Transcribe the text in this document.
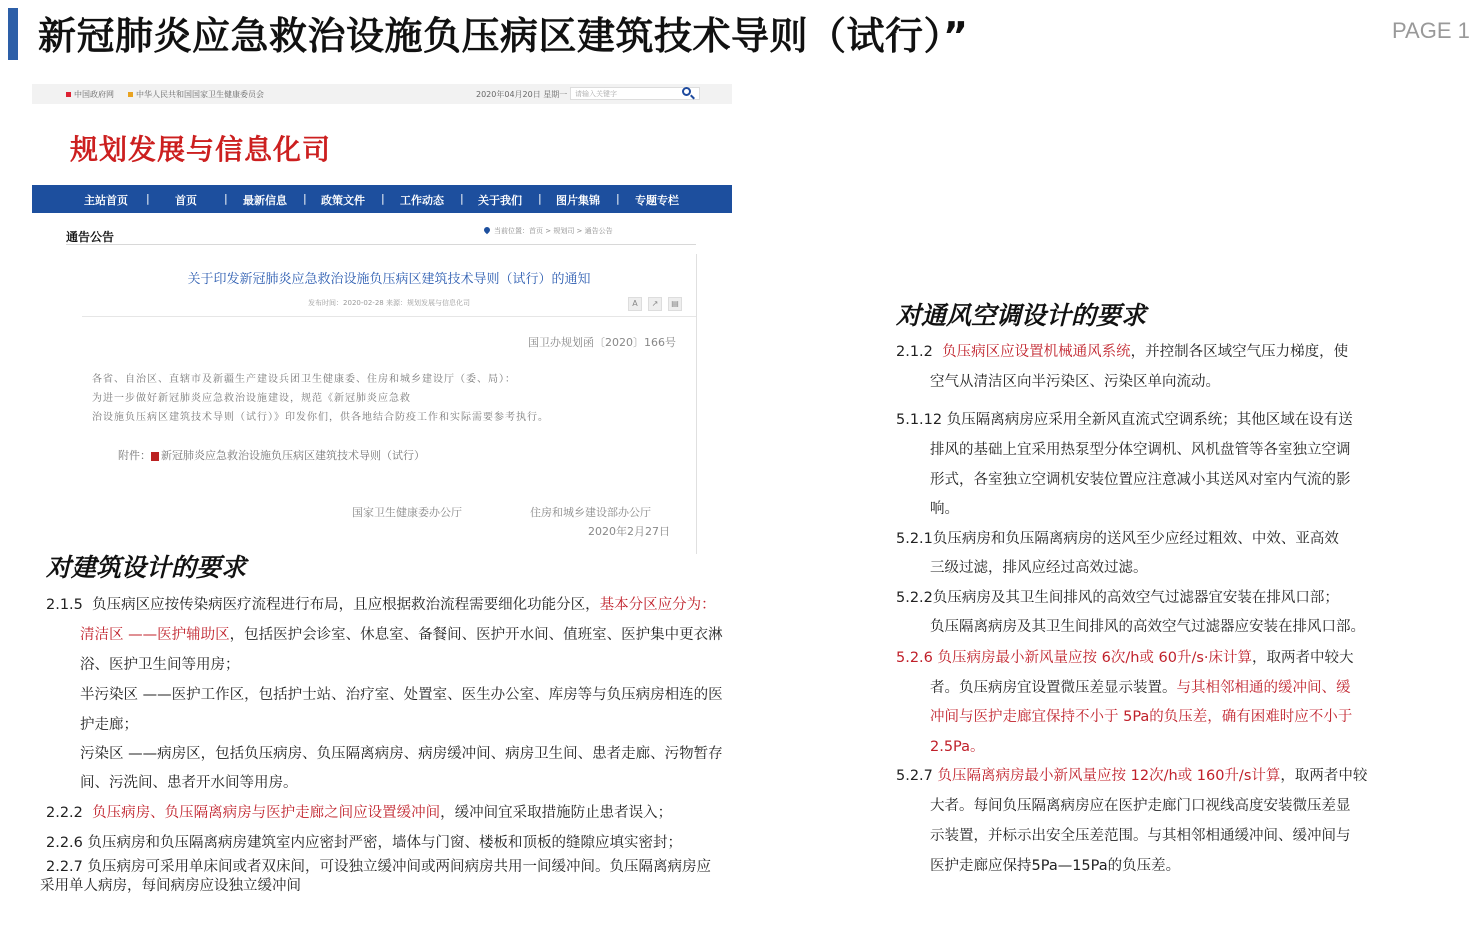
新冠肺炎应急救治设施负压病区建筑技术导则（试行）”	PAGE 1
中国政府网	中华人民共和国国家卫生健康委员会	2020年04月20日 星期一	请输入关键字
规划发展与信息化司
主站首页 | 首页 | 最新信息 | 政策文件 | 工作动态 | 关于我们 | 图片集锦 | 专题专栏
通告公告	当前位置：首页 > 规划司 > 通告公告
关于印发新冠肺炎应急救治设施负压病区建筑技术导则（试行）的通知
发布时间：2020-02-28 来源：规划发展与信息化司	A	↗	▤
国卫办规划函〔2020〕166号
各省、自治区、直辖市及新疆生产建设兵团卫生健康委、住房和城乡建设厅（委、局）：
为进一步做好新冠肺炎应急救治设施建设，规范《新冠肺炎应急救
治设施负压病区建筑技术导则（试行）》印发你们，供各地结合防疫工作和实际需要参考执行。
附件： 新冠肺炎应急救治设施负压病区建筑技术导则（试行）
国家卫生健康委办公厅	住房和城乡建设部办公厅
2020年2月27日
对建筑设计的要求
2.1.5 负压病区应按传染病医疗流程进行布局，且应根据救治流程需要细化功能分区，基本分区应分为：
清洁区 ——医护辅助区，包括医护会诊室、休息室、备餐间、医护开水间、值班室、医护集中更衣淋
浴、医护卫生间等用房；
半污染区 ——医护工作区，包括护士站、治疗室、处置室、医生办公室、库房等与负压病房相连的医
护走廊；
污染区 ——病房区，包括负压病房、负压隔离病房、病房缓冲间、病房卫生间、患者走廊、污物暂存
间、污洗间、患者开水间等用房。
2.2.2 负压病房、负压隔离病房与医护走廊之间应设置缓冲间，缓冲间宜采取措施防止患者误入；
2.2.6 负压病房和负压隔离病房建筑室内应密封严密，墙体与门窗、楼板和顶板的缝隙应填实密封；
2.2.7 负压病房可采用单床间或者双床间，可设独立缓冲间或两间病房共用一间缓冲间。负压隔离病房应
采用单人病房，每间病房应设独立缓冲间
对通风空调设计的要求
2.1.2 负压病区应设置机械通风系统，并控制各区域空气压力梯度，使
空气从清洁区向半污染区、污染区单向流动。
5.1.12 负压隔离病房应采用全新风直流式空调系统；其他区域在设有送
排风的基础上宜采用热泵型分体空调机、风机盘管等各室独立空调
形式，各室独立空调机安装位置应注意减小其送风对室内气流的影
响。
5.2.1负压病房和负压隔离病房的送风至少应经过粗效、中效、亚高效
三级过滤，排风应经过高效过滤。
5.2.2负压病房及其卫生间排风的高效空气过滤器宜安装在排风口部；
负压隔离病房及其卫生间排风的高效空气过滤器应安装在排风口部。
5.2.6 负压病房最小新风量应按 6次/h或 60升/s·床计算，取两者中较大
者。负压病房宜设置微压差显示装置。与其相邻相通的缓冲间、缓
冲间与医护走廊宜保持不小于 5Pa的负压差，确有困难时应不小于
2.5Pa。
5.2.7 负压隔离病房最小新风量应按 12次/h或 160升/s计算，取两者中较
大者。每间负压隔离病房应在医护走廊门口视线高度安装微压差显
示装置，并标示出安全压差范围。与其相邻相通缓冲间、缓冲间与
医护走廊应保持5Pa—15Pa的负压差。
